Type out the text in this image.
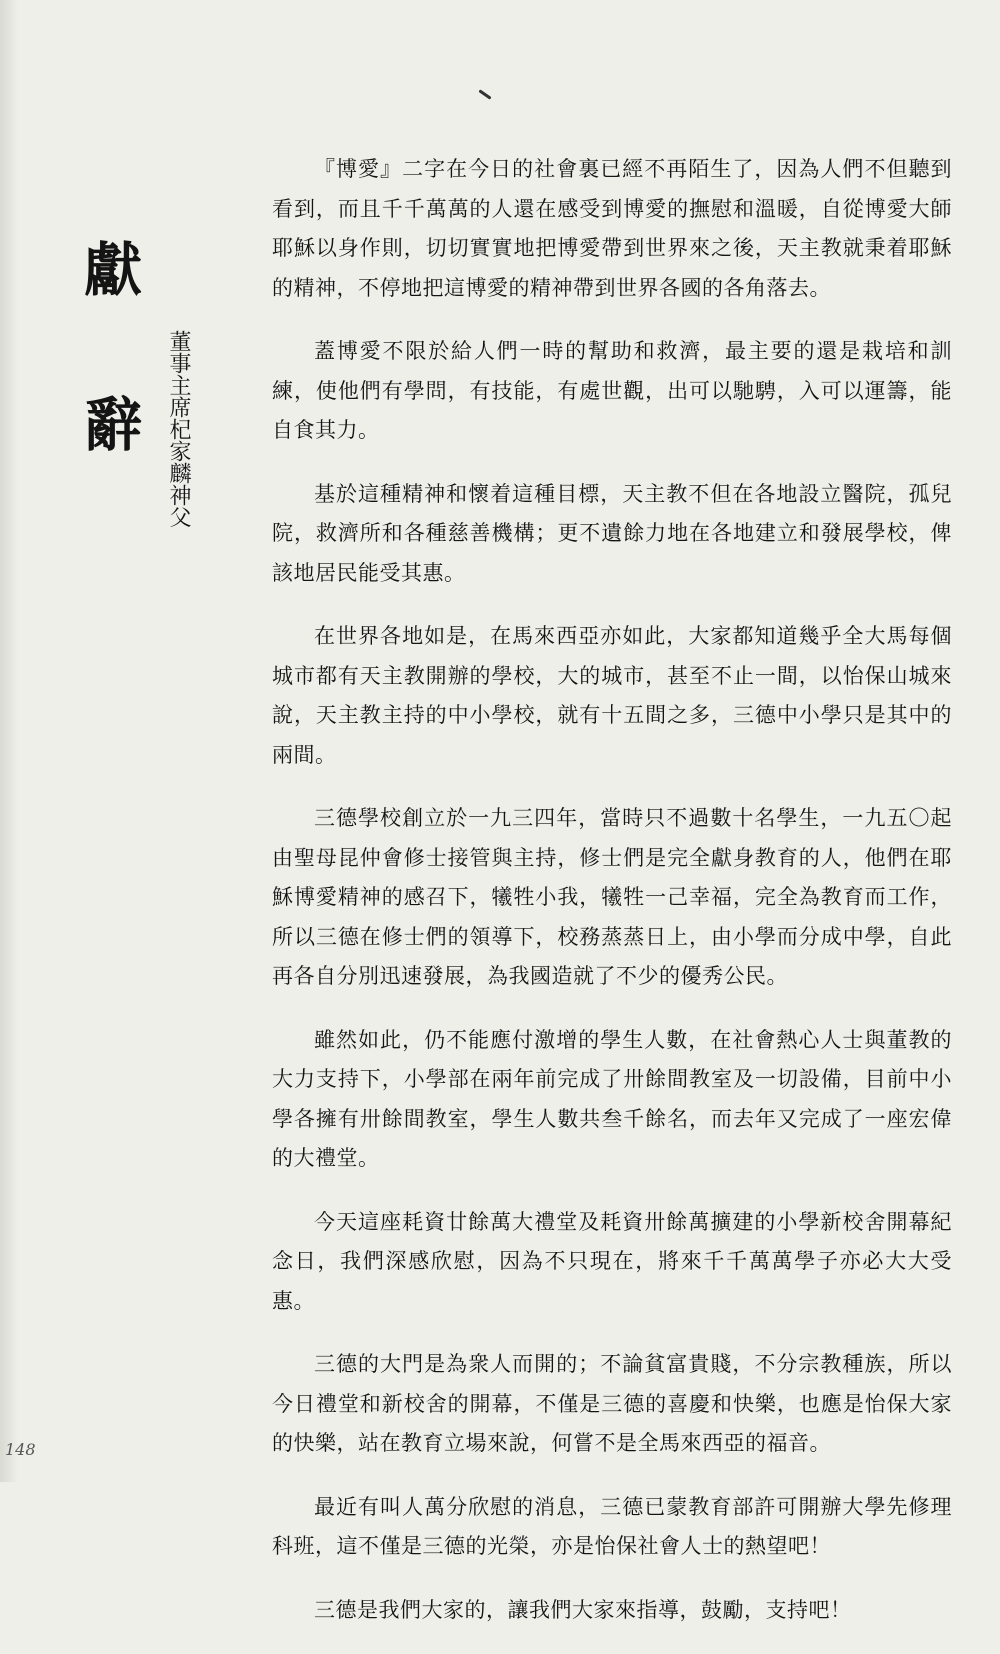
獻
辭 董事主席杞家麟神父

『博愛』二字在今日的社會裏已經不再陌生了，因為人們不但聽到看到，而且千千萬萬的人還在感受到博愛的撫慰和溫暖，自從博愛大師耶穌以身作則，切切實實地把博愛帶到世界來之後，天主教就秉着耶穌的精神，不停地把這博愛的精神帶到世界各國的各角落去。

蓋博愛不限於給人們一時的幫助和救濟，最主要的還是栽培和訓練，使他們有學問，有技能，有處世觀，出可以馳騁，入可以運籌，能自食其力。

基於這種精神和懷着這種目標，天主教不但在各地設立醫院，孤兒院，救濟所和各種慈善機構；更不遺餘力地在各地建立和發展學校，俾該地居民能受其惠。

在世界各地如是，在馬來西亞亦如此，大家都知道幾乎全大馬每個城市都有天主教開辦的學校，大的城市，甚至不止一間，以怡保山城來說，天主教主持的中小學校，就有十五間之多，三德中小學只是其中的兩間。

三德學校創立於一九三四年，當時只不過數十名學生，一九五〇起由聖母昆仲會修士接管與主持，修士們是完全獻身教育的人，他們在耶穌博愛精神的感召下，犧牲小我，犧牲一己幸福，完全為教育而工作，所以三德在修士們的領導下，校務蒸蒸日上，由小學而分成中學，自此再各自分別迅速發展，為我國造就了不少的優秀公民。

雖然如此，仍不能應付激增的學生人數，在社會熱心人士與董教的大力支持下，小學部在兩年前完成了卅餘間教室及一切設備，目前中小學各擁有卅餘間教室，學生人數共叁千餘名，而去年又完成了一座宏偉的大禮堂。

今天這座耗資廿餘萬大禮堂及耗資卅餘萬擴建的小學新校舍開幕紀念日，我們深感欣慰，因為不只現在，將來千千萬萬學子亦必大大受惠。

三德的大門是為衆人而開的；不論貧富貴賤，不分宗教種族，所以今日禮堂和新校舍的開幕，不僅是三德的喜慶和快樂，也應是怡保大家的快樂，站在教育立場來說，何嘗不是全馬來西亞的福音。

最近有叫人萬分欣慰的消息，三德已蒙教育部許可開辦大學先修理科班，這不僅是三德的光榮，亦是怡保社會人士的熱望吧！

三德是我們大家的，讓我們大家來指導，鼓勵，支持吧！

148
